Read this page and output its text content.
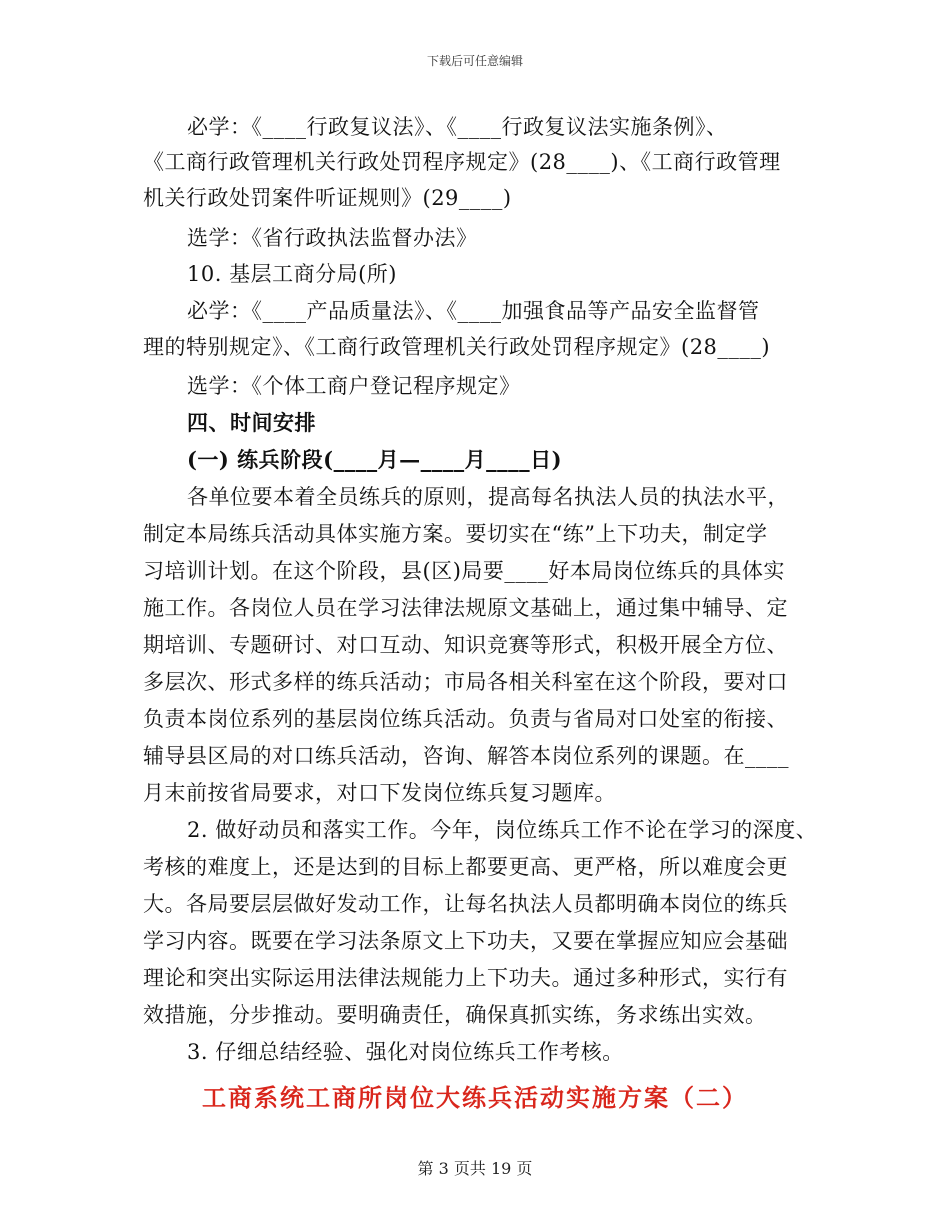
下载后可任意编辑
必学：《____行政复议法》、《____行政复议法实施条例》、
《工商行政管理机关行政处罚程序规定》(28____)、《工商行政管理
机关行政处罚案件听证规则》(29____)
选学：《省行政执法监督办法》
10. 基层工商分局(所)
必学：《____产品质量法》、《____加强食品等产品安全监督管
理的特别规定》、《工商行政管理机关行政处罚程序规定》(28____)
选学：《个体工商户登记程序规定》
四、时间安排
(一) 练兵阶段(____月—____月____日)
各单位要本着全员练兵的原则，提高每名执法人员的执法水平，
制定本局练兵活动具体实施方案。要切实在“练”上下功夫，制定学
习培训计划。在这个阶段，县(区)局要____好本局岗位练兵的具体实
施工作。各岗位人员在学习法律法规原文基础上，通过集中辅导、定
期培训、专题研讨、对口互动、知识竞赛等形式，积极开展全方位、
多层次、形式多样的练兵活动；市局各相关科室在这个阶段，要对口
负责本岗位系列的基层岗位练兵活动。负责与省局对口处室的衔接、
辅导县区局的对口练兵活动，咨询、解答本岗位系列的课题。在____
月末前按省局要求，对口下发岗位练兵复习题库。
2. 做好动员和落实工作。今年，岗位练兵工作不论在学习的深度、
考核的难度上，还是达到的目标上都要更高、更严格，所以难度会更
大。各局要层层做好发动工作，让每名执法人员都明确本岗位的练兵
学习内容。既要在学习法条原文上下功夫，又要在掌握应知应会基础
理论和突出实际运用法律法规能力上下功夫。通过多种形式，实行有
效措施，分步推动。要明确责任，确保真抓实练，务求练出实效。
3. 仔细总结经验、强化对岗位练兵工作考核。
工商系统工商所岗位大练兵活动实施方案（二）
第 3 页共 19 页
